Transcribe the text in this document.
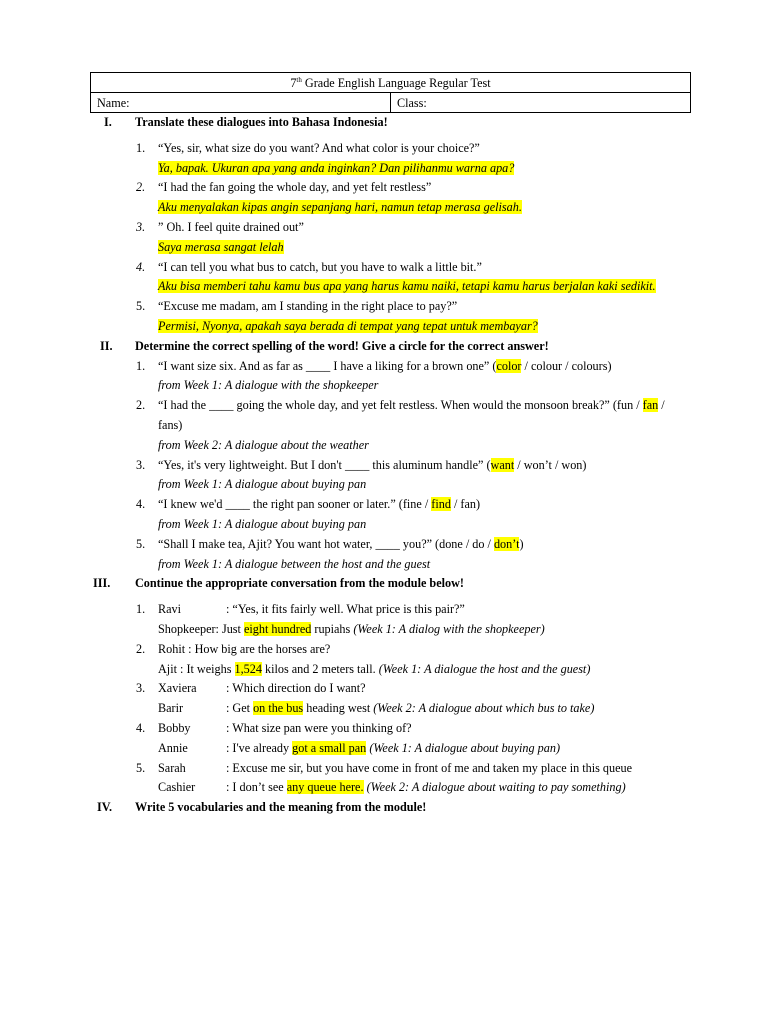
7th Grade English Language Regular Test
Name:	Class:
I.	Translate these dialogues into Bahasa Indonesia!
1. “Yes, sir, what size do you want? And what color is your choice?”
Ya, bapak. Ukuran apa yang anda inginkan? Dan pilihanmu warna apa?
2. “I had the fan going the whole day, and yet felt restless”
Aku menyalakan kipas angin sepanjang hari, namun tetap merasa gelisah.
3. ” Oh. I feel quite drained out”
Saya merasa sangat lelah
4. “I can tell you what bus to catch, but you have to walk a little bit.”
Aku bisa memberi tahu kamu bus apa yang harus kamu naiki, tetapi kamu harus berjalan kaki sedikit.
5. “Excuse me madam, am I standing in the right place to pay?”
Permisi, Nyonya, apakah saya berada di tempat yang tepat untuk membayar?
II.	Determine the correct spelling of the word! Give a circle for the correct answer!
1. “I want size six. And as far as ____ I have a liking for a brown one” (color / colour / colours)
from Week 1: A dialogue with the shopkeeper
2. “I had the ____ going the whole day, and yet felt restless. When would the monsoon break?” (fun / fan / fans)
from Week 2: A dialogue about the weather
3. “Yes, it's very lightweight. But I don't ____ this aluminum handle” (want / won’t / won)
from Week 1: A dialogue about buying pan
4. “I knew we'd ____ the right pan sooner or later.” (fine / find / fan)
from Week 1: A dialogue about buying pan
5. “Shall I make tea, Ajit? You want hot water, ____ you?” (done / do / don’t)
from Week 1: A dialogue between the host and the guest
III.	Continue the appropriate conversation from the module below!
1. Ravi	: “Yes, it fits fairly well. What price is this pair?”
Shopkeeper: Just eight hundred rupiahs (Week 1: A dialog with the shopkeeper)
2. Rohit : How big are the horses are?
Ajit : It weighs 1,524 kilos and 2 meters tall. (Week 1: A dialogue the host and the guest)
3. Xaviera : Which direction do I want?
Barir	: Get on the bus heading west (Week 2: A dialogue about which bus to take)
4. Bobby	: What size pan were you thinking of?
Annie	: I've already got a small pan (Week 1: A dialogue about buying pan)
5. Sarah	: Excuse me sir, but you have come in front of me and taken my place in this queue
Cashier	: I don’t see any queue here. (Week 2: A dialogue about waiting to pay something)
IV.	Write 5 vocabularies and the meaning from the module!
